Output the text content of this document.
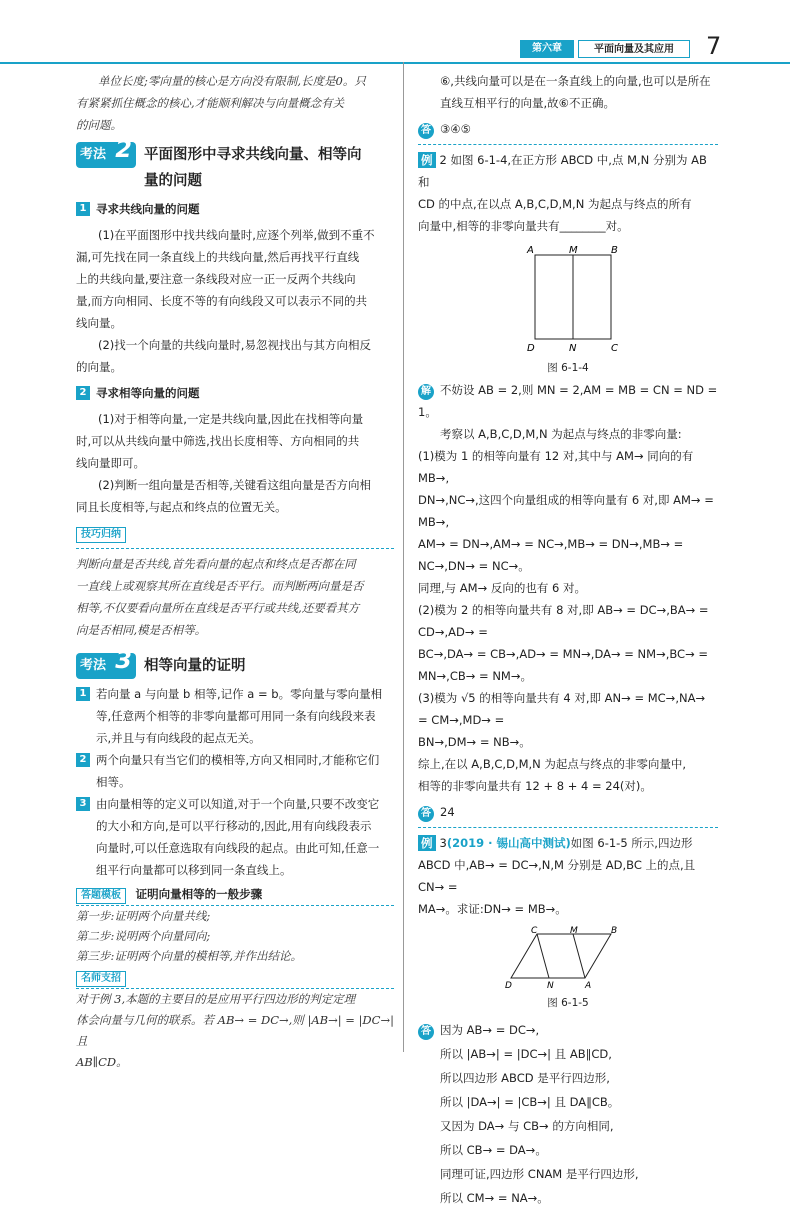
第六章	平面向量及其应用	7

单位长度;零向量的核心是方向没有限制,长度是0。只

有紧紧抓住概念的核心,才能顺利解决与向量概念有关

的问题。

考法 2 平面图形中寻求共线向量、相等向
量的问题
1 寻求共线向量的问题

(1)在平面图形中找共线向量时,应逐个列举,做到不重不

漏,可先找在同一条直线上的共线向量,然后再找平行直线

上的共线向量,要注意一条线段对应一正一反两个共线向

量,而方向相同、长度不等的有向线段又可以表示不同的共

线向量。

(2)找一个向量的共线向量时,易忽视找出与其方向相反

的向量。

2 寻求相等向量的问题

(1)对于相等向量,一定是共线向量,因此在找相等向量

时,可以从共线向量中筛选,找出长度相等、方向相同的共

线向量即可。

(2)判断一组向量是否相等,关键看这组向量是否方向相

同且长度相等,与起点和终点的位置无关。

技巧归纳

判断向量是否共线,首先看向量的起点和终点是否都在同

一直线上或观察其所在直线是否平行。而判断两向量是否

相等,不仅要看向量所在直线是否平行或共线,还要看其方

向是否相同,模是否相等。

考法 3 相等向量的证明
1 若向量 a 与向量 b 相等,记作 a = b。零向量与零向量相

等,任意两个相等的非零向量都可用同一条有向线段来表

示,并且与有向线段的起点无关。

2 两个向量只有当它们的模相等,方向又相同时,才能称它们

相等。

3 由向量相等的定义可以知道,对于一个向量,只要不改变它

的大小和方向,是可以平行移动的,因此,用有向线段表示

向量时,可以任意选取有向线段的起点。由此可知,任意一

组平行向量都可以移到同一条直线上。

答题模板 证明向量相等的一般步骤

第一步:证明两个向量共线;

第二步:说明两个向量同向;

第三步:证明两个向量的模相等,并作出结论。

名师支招

对于例 3,本题的主要目的是应用平行四边形的判定定理

体会向量与几何的联系。若 AB→ = DC→,则 |AB→| = |DC→| 且

AB∥CD。

⑥,共线向量可以是在一条直线上的向量,也可以是所在

直线互相平行的向量,故⑥不正确。

答 ③④⑤

例 2 如图 6-1-4,在正方形 ABCD 中,点 M,N 分别为 AB 和

CD 的中点,在以点 A,B,C,D,M,N 为起点与终点的所有

向量中,相等的非零向量共有________对。

A	M	B
D	N	C
图 6-1-4

解 不妨设 AB = 2,则 MN = 2,AM = MB = CN = ND = 1。

考察以 A,B,C,D,M,N 为起点与终点的非零向量:

(1)模为 1 的相等向量有 12 对,其中与 AM→ 同向的有 MB→,

DN→,NC→,这四个向量组成的相等向量有 6 对,即 AM→ = MB→,

AM→ = DN→,AM→ = NC→,MB→ = DN→,MB→ = NC→,DN→ = NC→。

同理,与 AM→ 反向的也有 6 对。

(2)模为 2 的相等向量共有 8 对,即 AB→ = DC→,BA→ = CD→,AD→ =

BC→,DA→ = CB→,AD→ = MN→,DA→ = NM→,BC→ = MN→,CB→ = NM→。

(3)模为 √5 的相等向量共有 4 对,即 AN→ = MC→,NA→ = CM→,MD→ =

BN→,DM→ = NB→。

综上,在以 A,B,C,D,M,N 为起点与终点的非零向量中,

相等的非零向量共有 12 + 8 + 4 = 24(对)。

答 24

例 3(2019 · 锡山高中测试)如图 6-1-5 所示,四边形

ABCD 中,AB→ = DC→,N,M 分别是 AD,BC 上的点,且 CN→ =

MA→。求证:DN→ = MB→。

C	M	B
D	N	A
图 6-1-5

答 因为 AB→ = DC→,

所以 |AB→| = |DC→| 且 AB∥CD,

所以四边形 ABCD 是平行四边形,

所以 |DA→| = |CB→| 且 DA∥CB。

又因为 DA→ 与 CB→ 的方向相同,

所以 CB→ = DA→。

同理可证,四边形 CNAM 是平行四边形,

所以 CM→ = NA→。
